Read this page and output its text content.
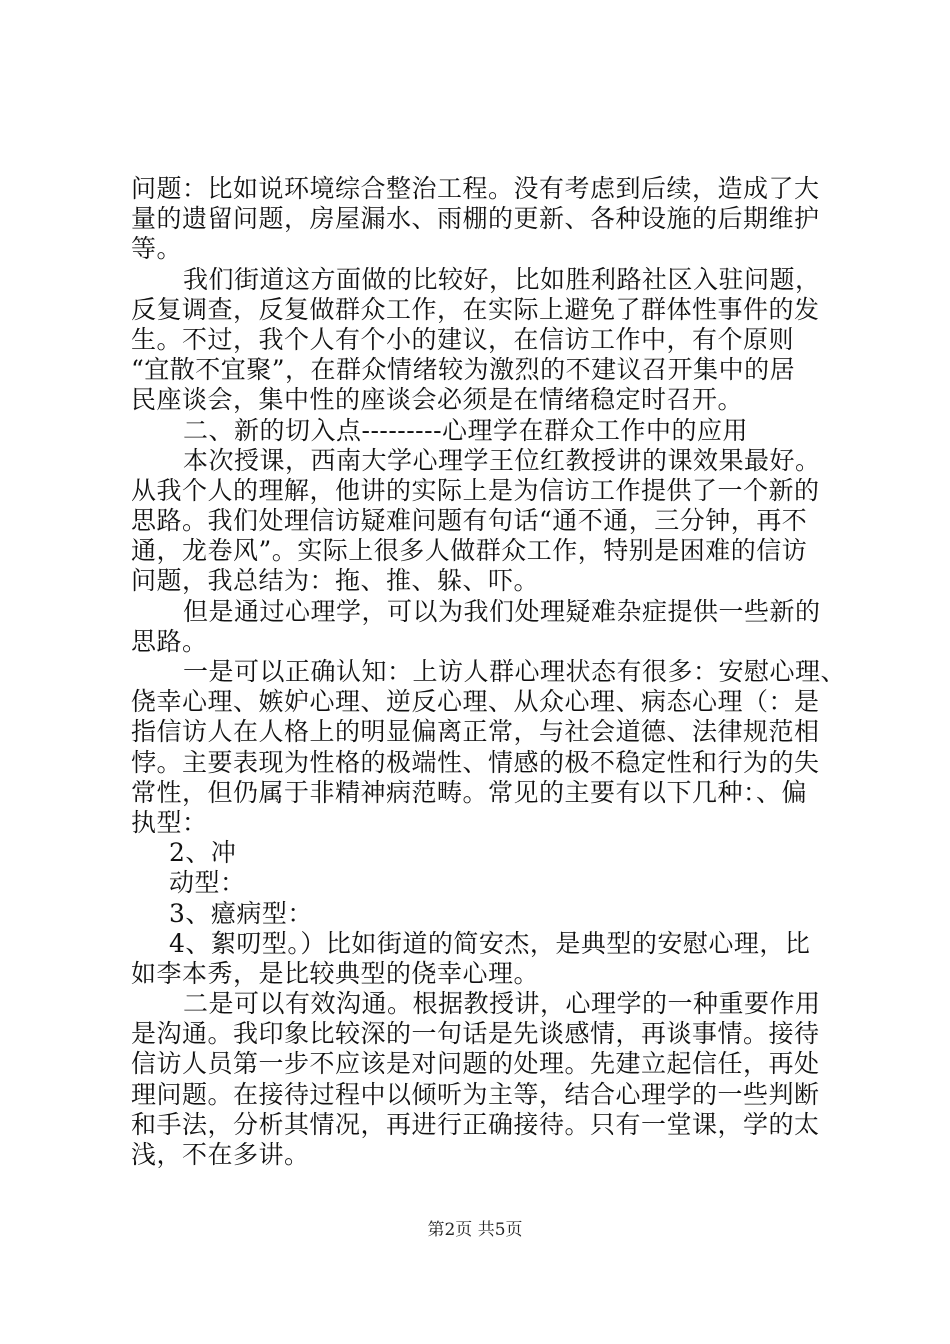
问题：比如说环境综合整治工程。没有考虑到后续，造成了大
量的遗留问题，房屋漏水、雨棚的更新、各种设施的后期维护
等。
我们街道这方面做的比较好，比如胜利路社区入驻问题，
反复调查，反复做群众工作，在实际上避免了群体性事件的发
生。不过，我个人有个小的建议，在信访工作中，有个原则
“宜散不宜聚”，在群众情绪较为激烈的不建议召开集中的居
民座谈会，集中性的座谈会必须是在情绪稳定时召开。
二、新的切入点---------心理学在群众工作中的应用
本次授课，西南大学心理学王位红教授讲的课效果最好。
从我个人的理解，他讲的实际上是为信访工作提供了一个新的
思路。我们处理信访疑难问题有句话“通不通，三分钟，再不
通，龙卷风”。实际上很多人做群众工作，特别是困难的信访
问题，我总结为：拖、推、躲、吓。
但是通过心理学，可以为我们处理疑难杂症提供一些新的
思路。
一是可以正确认知：上访人群心理状态有很多：安慰心理、
侥幸心理、嫉妒心理、逆反心理、从众心理、病态心理（：是
指信访人在人格上的明显偏离正常，与社会道德、法律规范相
悖。主要表现为性格的极端性、情感的极不稳定性和行为的失
常性，但仍属于非精神病范畴。常见的主要有以下几种：、偏
执型：
2、冲
动型：
3、癔病型：
4、絮叨型。）比如街道的简安杰，是典型的安慰心理，比
如李本秀，是比较典型的侥幸心理。
二是可以有效沟通。根据教授讲，心理学的一种重要作用
是沟通。我印象比较深的一句话是先谈感情，再谈事情。接待
信访人员第一步不应该是对问题的处理。先建立起信任，再处
理问题。在接待过程中以倾听为主等，结合心理学的一些判断
和手法，分析其情况，再进行正确接待。只有一堂课，学的太
浅，不在多讲。
第2页 共5页
